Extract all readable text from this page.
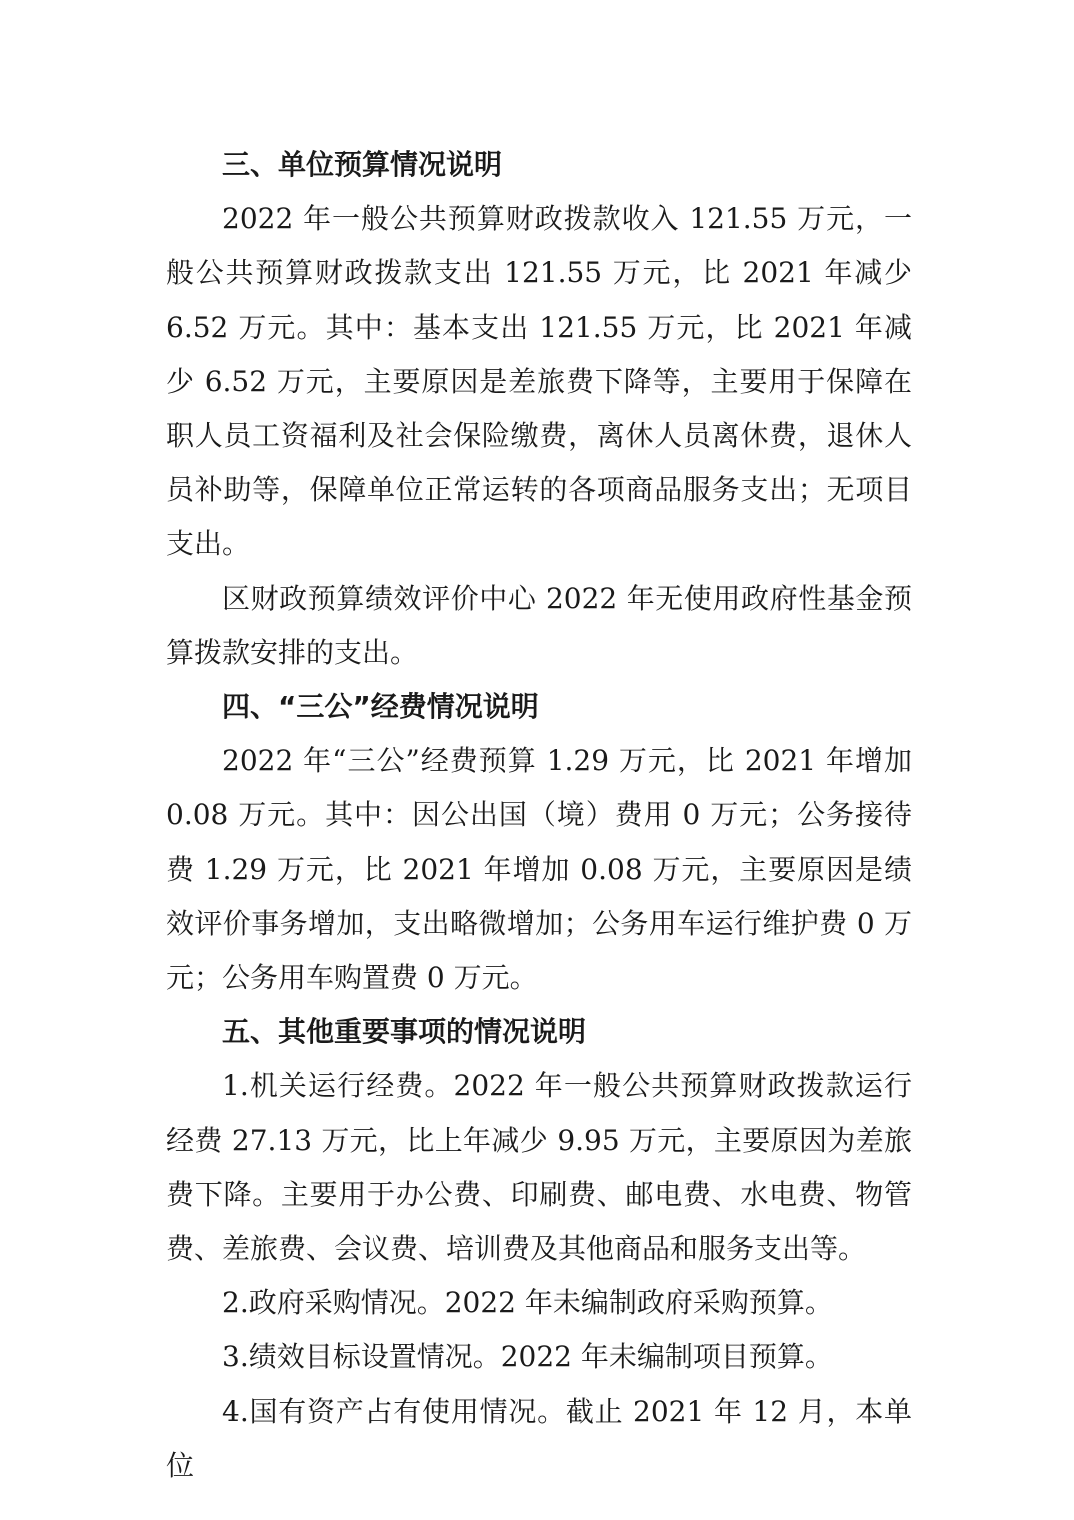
三、单位预算情况说明

2022 年一般公共预算财政拨款收入 121.55 万元，一般公共预算财政拨款支出 121.55 万元，比 2021 年减少 6.52 万元。其中：基本支出 121.55 万元，比 2021 年减少 6.52 万元，主要原因是差旅费下降等，主要用于保障在职人员工资福利及社会保险缴费，离休人员离休费，退休人员补助等，保障单位正常运转的各项商品服务支出；无项目支出。

区财政预算绩效评价中心 2022 年无使用政府性基金预算拨款安排的支出。

四、“三公”经费情况说明

2022 年“三公”经费预算 1.29 万元，比 2021 年增加 0.08 万元。其中：因公出国（境）费用 0 万元；公务接待费 1.29 万元，比 2021 年增加 0.08 万元，主要原因是绩效评价事务增加，支出略微增加；公务用车运行维护费 0 万元；公务用车购置费 0 万元。

五、其他重要事项的情况说明

1.机关运行经费。2022 年一般公共预算财政拨款运行经费 27.13 万元，比上年减少 9.95 万元，主要原因为差旅费下降。主要用于办公费、印刷费、邮电费、水电费、物管费、差旅费、会议费、培训费及其他商品和服务支出等。

2.政府采购情况。2022 年未编制政府采购预算。

3.绩效目标设置情况。2022 年未编制项目预算。

4.国有资产占有使用情况。截止 2021 年 12 月，本单位
